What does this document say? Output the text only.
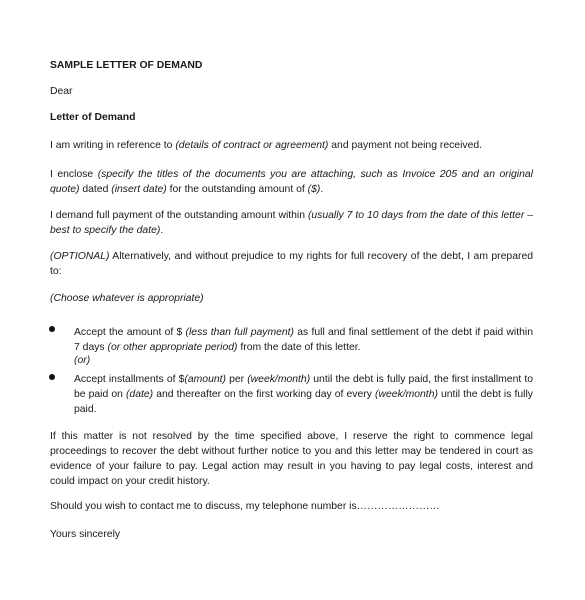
SAMPLE LETTER OF DEMAND

Dear

Letter of Demand

I am writing in reference to (details of contract or agreement) and payment not being received.

I enclose (specify the titles of the documents you are attaching, such as Invoice 205 and an original quote) dated (insert date) for the outstanding amount of ($).

I demand full payment of the outstanding amount within (usually 7 to 10 days from the date of this letter – best to specify the date).

(OPTIONAL) Alternatively, and without prejudice to my rights for full recovery of the debt, I am prepared to:

(Choose whatever is appropriate)

Accept the amount of $ (less than full payment) as full and final settlement of the debt if paid within 7 days (or other appropriate period) from the date of this letter.

(or)

Accept installments of $(amount) per (week/month) until the debt is fully paid, the first installment to be paid on (date) and thereafter on the first working day of every (week/month) until the debt is fully paid.

If this matter is not resolved by the time specified above, I reserve the right to commence legal proceedings to recover the debt without further notice to you and this letter may be tendered in court as evidence of your failure to pay. Legal action may result in you having to pay legal costs, interest and could impact on your credit history.

Should you wish to contact me to discuss, my telephone number is……………………

Yours sincerely
